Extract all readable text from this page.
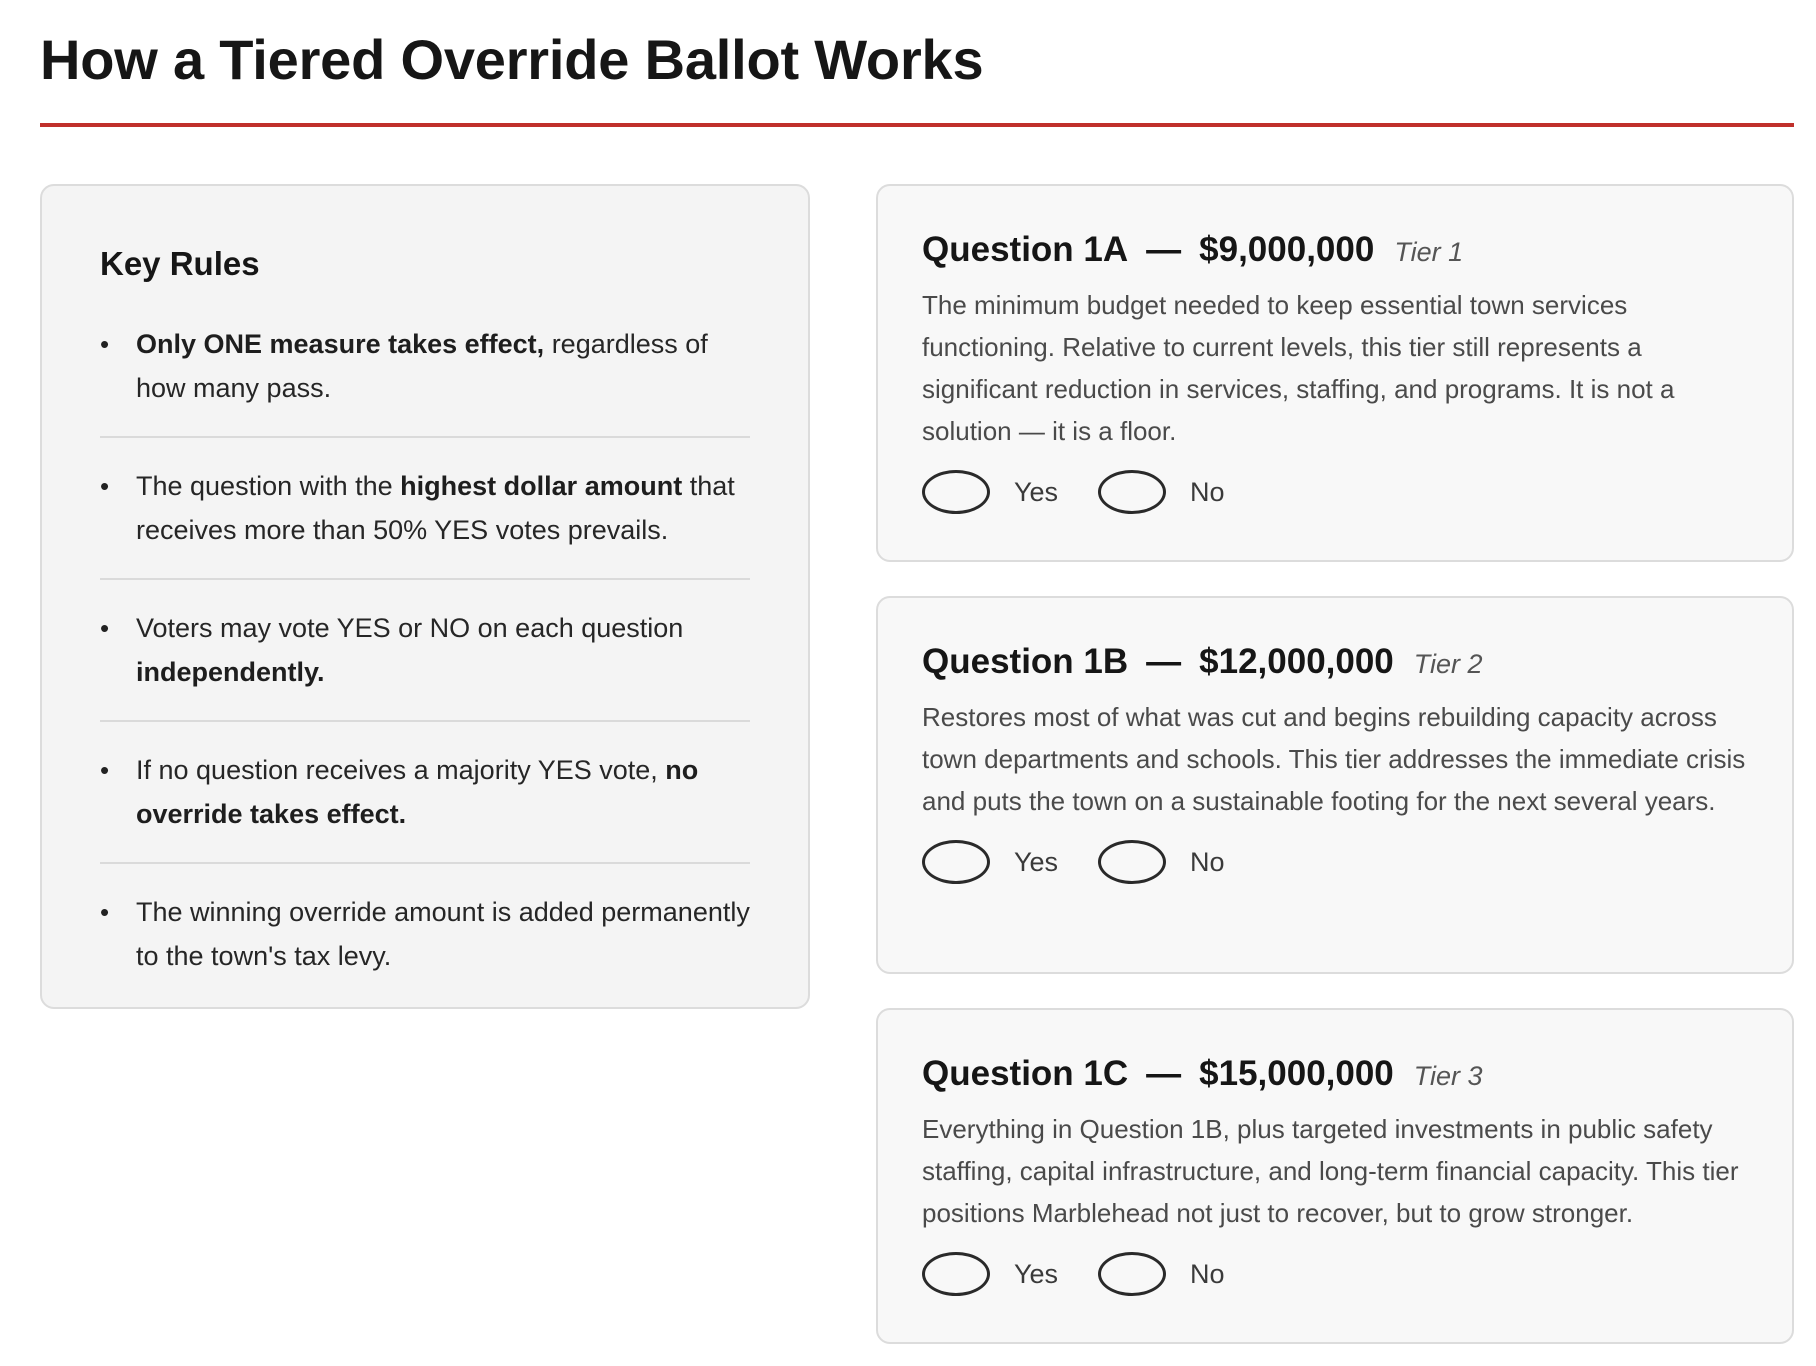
How a Tiered Override Ballot Works
Key Rules
• Only ONE measure takes effect, regardless of how many pass.
• The question with the highest dollar amount that receives more than 50% YES votes prevails.
• Voters may vote YES or NO on each question independently.
• If no question receives a majority YES vote, no override takes effect.
• The winning override amount is added permanently to the town's tax levy.
Question 1A — $9,000,000 Tier 1

The minimum budget needed to keep essential town services functioning. Relative to current levels, this tier still represents a significant reduction in services, staffing, and programs. It is not a solution — it is a floor.

Yes	No
Question 1B — $12,000,000 Tier 2

Restores most of what was cut and begins rebuilding capacity across town departments and schools. This tier addresses the immediate crisis and puts the town on a sustainable footing for the next several years.

Yes	No
Question 1C — $15,000,000 Tier 3

Everything in Question 1B, plus targeted investments in public safety staffing, capital infrastructure, and long-term financial capacity. This tier positions Marblehead not just to recover, but to grow stronger.

Yes	No
